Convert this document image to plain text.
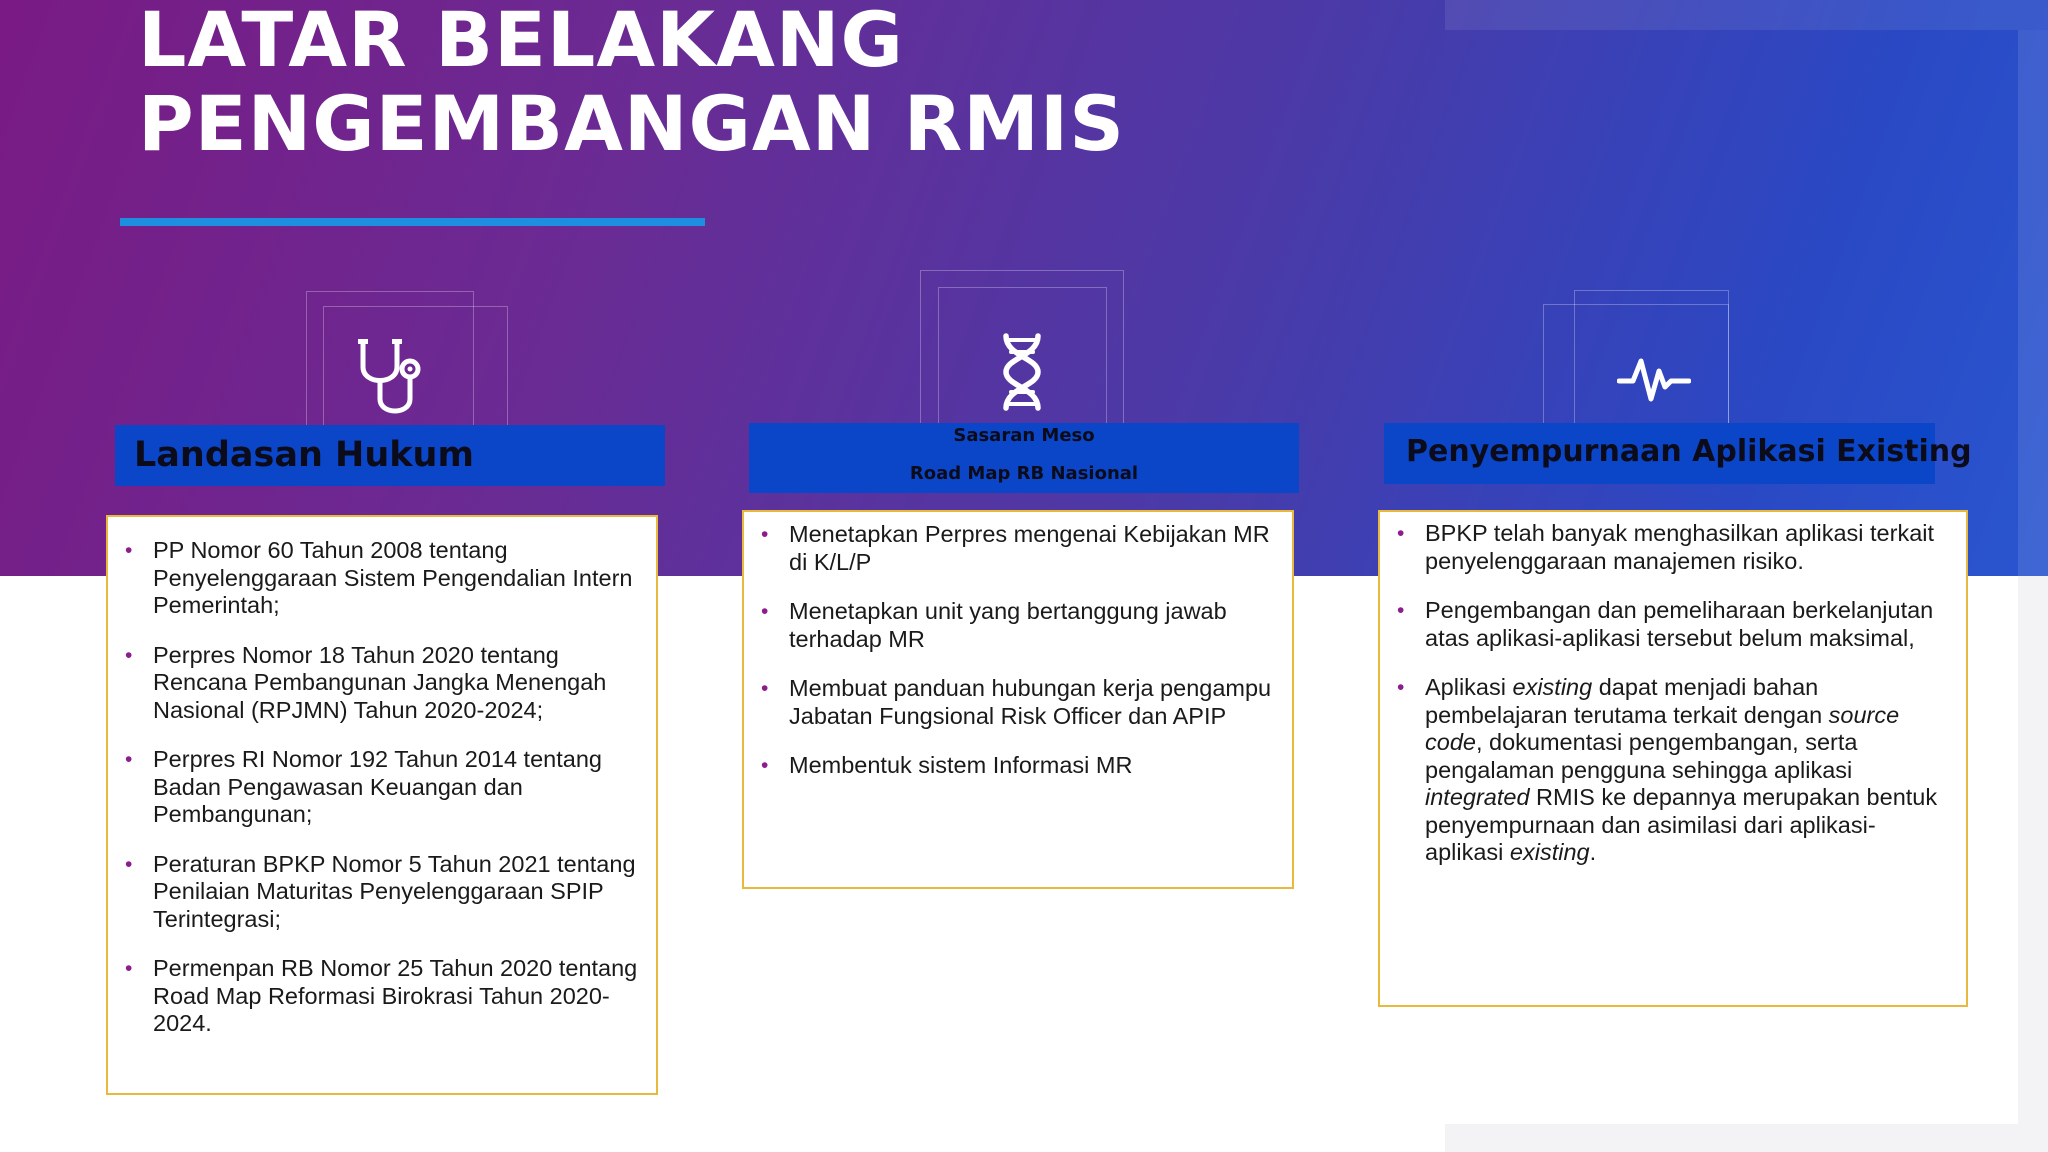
LATAR BELAKANG
PENGEMBANGAN RMIS

Landasan Hukum	Sasaran Meso

Road Map RB Nasional

Penyempurnaan Aplikasi Existing

• PP Nomor 60 Tahun 2008 tentang Penyelenggaraan Sistem Pengendalian Intern Pemerintah;
• Perpres Nomor 18 Tahun 2020 tentang Rencana Pembangunan Jangka Menengah Nasional (RPJMN) Tahun 2020-2024;
• Perpres RI Nomor 192 Tahun 2014 tentang Badan Pengawasan Keuangan dan Pembangunan;
• Peraturan BPKP Nomor 5 Tahun 2021 tentang Penilaian Maturitas Penyelenggaraan SPIP Terintegrasi;
• Permenpan RB Nomor 25 Tahun 2020 tentang Road Map Reformasi Birokrasi Tahun 2020-2024.
• Menetapkan Perpres mengenai Kebijakan MR di K/L/P
• Menetapkan unit yang bertanggung jawab terhadap MR
• Membuat panduan hubungan kerja pengampu Jabatan Fungsional Risk Officer dan APIP
• Membentuk sistem Informasi MR
• BPKP telah banyak menghasilkan aplikasi terkait penyelenggaraan manajemen risiko.
• Pengembangan dan pemeliharaan berkelanjutan atas aplikasi-aplikasi tersebut belum maksimal,
• Aplikasi existing dapat menjadi bahan pembelajaran terutama terkait dengan source code, dokumentasi pengembangan, serta pengalaman pengguna sehingga aplikasi integrated RMIS ke depannya merupakan bentuk penyempurnaan dan asimilasi dari aplikasi-aplikasi existing.
